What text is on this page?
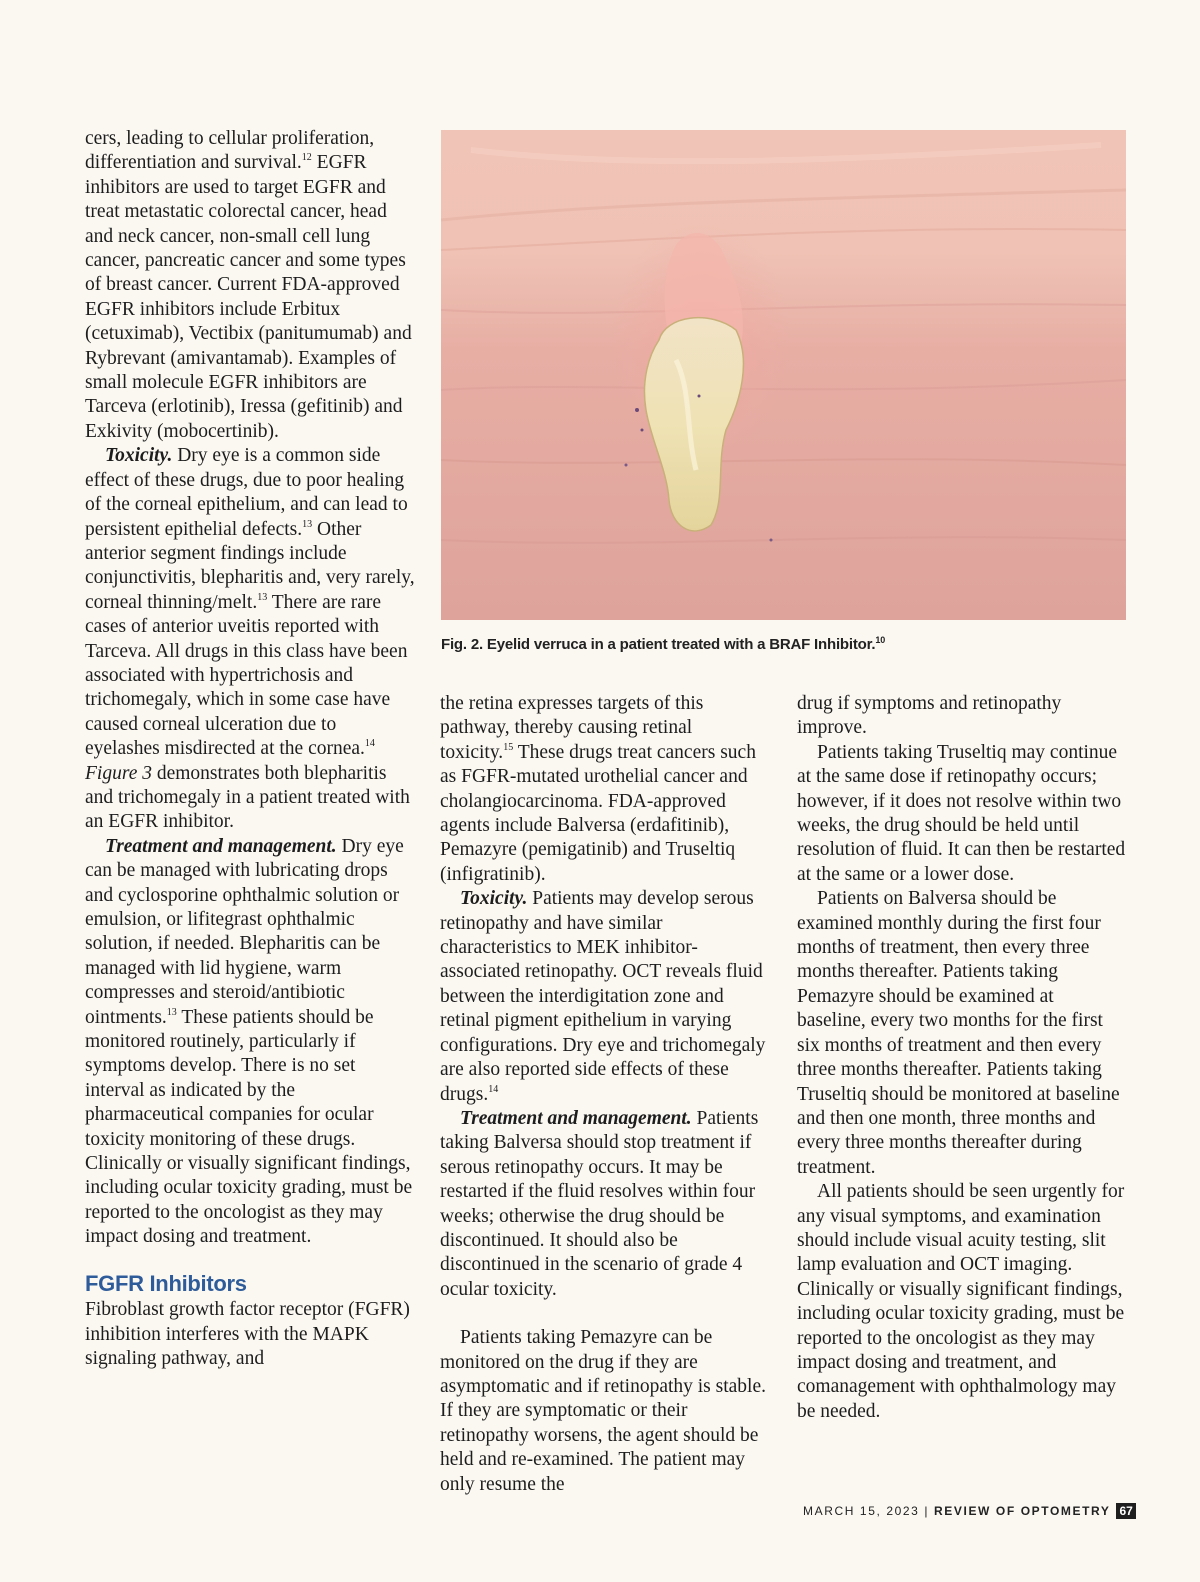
cers, leading to cellular proliferation, differentiation and survival.$^{12}$ EGFR inhibitors are used to target EGFR and treat metastatic colorectal cancer, head and neck cancer, non-small cell lung cancer, pancreatic cancer and some types of breast cancer. Current FDA-approved EGFR inhibitors include Erbitux (cetuximab), Vectibix (panitumumab) and Rybrevant (amivantamab). Examples of small molecule EGFR inhibitors are Tarceva (erlotinib), Iressa (gefitinib) and Exkivity (mobocertinib).

Toxicity. Dry eye is a common side effect of these drugs, due to poor healing of the corneal epithelium, and can lead to persistent epithelial defects.$^{13}$ Other anterior segment findings include conjunctivitis, blepharitis and, very rarely, corneal thinning/melt.$^{13}$ There are rare cases of anterior uveitis reported with Tarceva. All drugs in this class have been associated with hypertrichosis and trichomegaly, which in some case have caused corneal ulceration due to eyelashes misdirected at the cornea.$^{14}$ Figure 3 demonstrates both blepharitis and trichomegaly in a patient treated with an EGFR inhibitor.

Treatment and management. Dry eye can be managed with lubricating drops and cyclosporine ophthalmic solution or emulsion, or lifitegrast ophthalmic solution, if needed. Blepharitis can be managed with lid hygiene, warm compresses and steroid/antibiotic ointments.$^{13}$ These patients should be monitored routinely, particularly if symptoms develop. There is no set interval as indicated by the pharmaceutical companies for ocular toxicity monitoring of these drugs. Clinically or visually significant findings, including ocular toxicity grading, must be reported to the oncologist as they may impact dosing and treatment.

FGFR Inhibitors

Fibroblast growth factor receptor (FGFR) inhibition interferes with the MAPK signaling pathway, and

Fig. 2. Eyelid verruca in a patient treated with a BRAF Inhibitor.$^{10}$

the retina expresses targets of this pathway, thereby causing retinal toxicity.$^{15}$ These drugs treat cancers such as FGFR-mutated urothelial cancer and cholangiocarcinoma. FDA-approved agents include Balversa (erdafitinib), Pemazyre (pemigatinib) and Truseltiq (infigratinib).

Toxicity. Patients may develop serous retinopathy and have similar characteristics to MEK inhibitor-associated retinopathy. OCT reveals fluid between the interdigitation zone and retinal pigment epithelium in varying configurations. Dry eye and trichomegaly are also reported side effects of these drugs.$^{14}$

Treatment and management. Patients taking Balversa should stop treatment if serous retinopathy occurs. It may be restarted if the fluid resolves within four weeks; otherwise the drug should be discontinued. It should also be discontinued in the scenario of grade 4 ocular toxicity.

Patients taking Pemazyre can be monitored on the drug if they are asymptomatic and if retinopathy is stable. If they are symptomatic or their retinopathy worsens, the agent should be held and re-examined. The patient may only resume the

drug if symptoms and retinopathy improve.

Patients taking Truseltiq may continue at the same dose if retinopathy occurs; however, if it does not resolve within two weeks, the drug should be held until resolution of fluid. It can then be restarted at the same or a lower dose.

Patients on Balversa should be examined monthly during the first four months of treatment, then every three months thereafter. Patients taking Pemazyre should be examined at baseline, every two months for the first six months of treatment and then every three months thereafter. Patients taking Truseltiq should be monitored at baseline and then one month, three months and every three months thereafter during treatment.

All patients should be seen urgently for any visual symptoms, and examination should include visual acuity testing, slit lamp evaluation and OCT imaging. Clinically or visually significant findings, including ocular toxicity grading, must be reported to the oncologist as they may impact dosing and treatment, and comanagement with ophthalmology may be needed.

MARCH 15, 2023 | REVIEW OF OPTOMETRY 67
